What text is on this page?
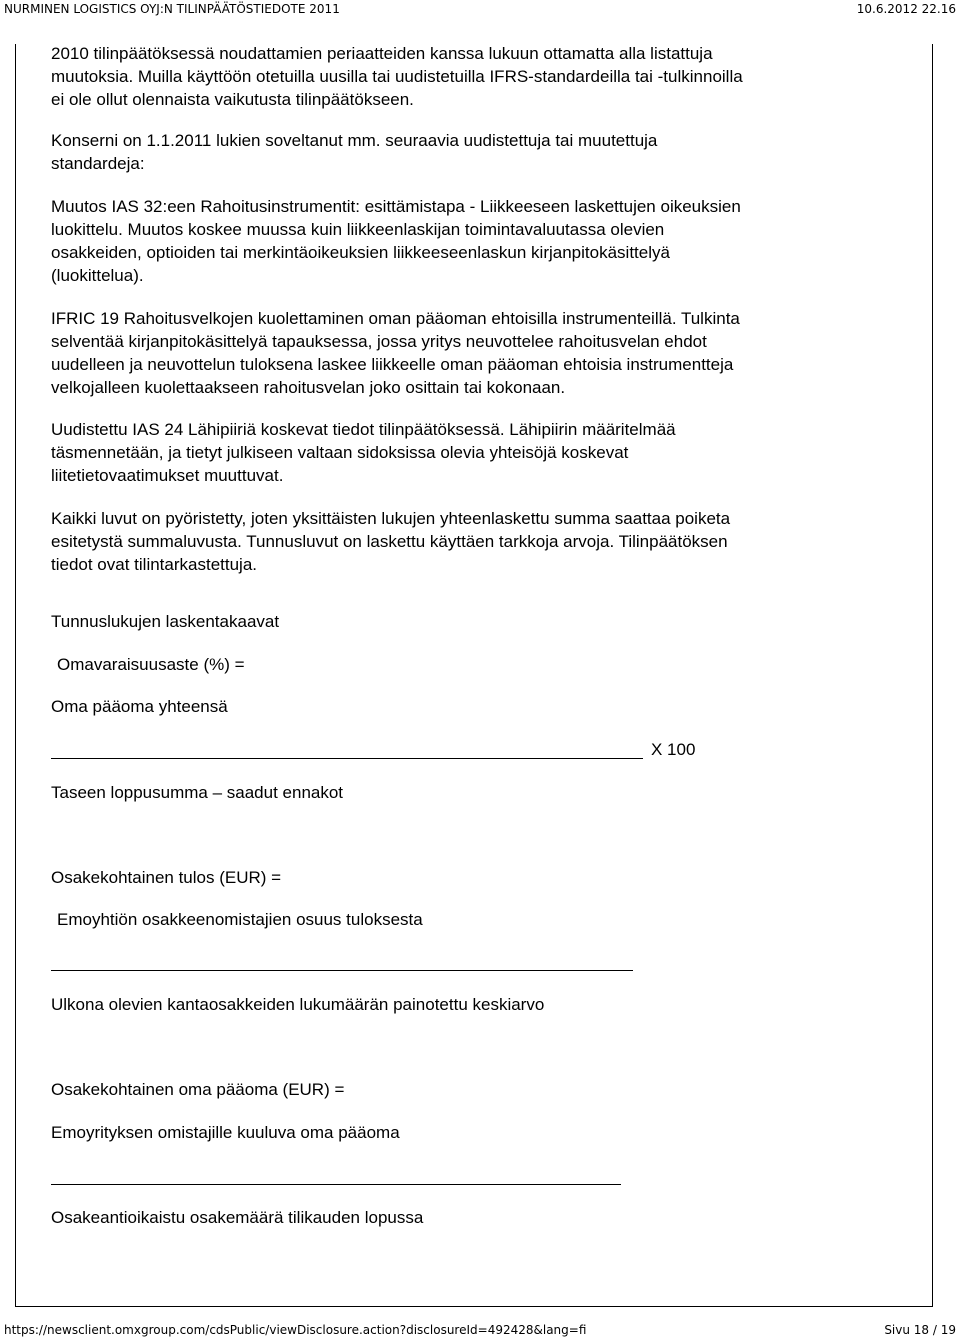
NURMINEN LOGISTICS OYJ:N TILINPÄÄTÖSTIEDOTE 2011	10.6.2012 22.16

2010 tilinpäätöksessä noudattamien periaatteiden kanssa lukuun ottamatta alla listattuja
muutoksia. Muilla käyttöön otetuilla uusilla tai uudistetuilla IFRS-standardeilla tai -tulkinnoilla
ei ole ollut olennaista vaikutusta tilinpäätökseen.

Konserni on 1.1.2011 lukien soveltanut mm. seuraavia uudistettuja tai muutettuja
standardeja:

Muutos IAS 32:een Rahoitusinstrumentit: esittämistapa - Liikkeeseen laskettujen oikeuksien
luokittelu. Muutos koskee muussa kuin liikkeenlaskijan toimintavaluutassa olevien
osakkeiden, optioiden tai merkintäoikeuksien liikkeeseenlaskun kirjanpitokäsittelyä
(luokittelua).

IFRIC 19 Rahoitusvelkojen kuolettaminen oman pääoman ehtoisilla instrumenteillä. Tulkinta
selventää kirjanpitokäsittelyä tapauksessa, jossa yritys neuvottelee rahoitusvelan ehdot
uudelleen ja neuvottelun tuloksena laskee liikkeelle oman pääoman ehtoisia instrumentteja
velkojalleen kuolettaakseen rahoitusvelan joko osittain tai kokonaan.

Uudistettu IAS 24 Lähipiiriä koskevat tiedot tilinpäätöksessä. Lähipiirin määritelmää
täsmennetään, ja tietyt julkiseen valtaan sidoksissa olevia yhteisöjä koskevat
liitetietovaatimukset muuttuvat.

Kaikki luvut on pyöristetty, joten yksittäisten lukujen yhteenlaskettu summa saattaa poiketa
esitetystä summaluvusta. Tunnusluvut on laskettu käyttäen tarkkoja arvoja. Tilinpäätöksen
tiedot ovat tilintarkastettuja.

Tunnuslukujen laskentakaavat
Omavaraisuusaste (%) =
Oma pääoma yhteensä
X 100
Taseen loppusumma – saadut ennakot
Osakekohtainen tulos (EUR) =
Emoyhtiön osakkeenomistajien osuus tuloksesta
Ulkona olevien kantaosakkeiden lukumäärän painotettu keskiarvo
Osakekohtainen oma pääoma (EUR) =
Emoyrityksen omistajille kuuluva oma pääoma
Osakeantioikaistu osakemäärä tilikauden lopussa
https://newsclient.omxgroup.com/cdsPublic/viewDisclosure.action?disclosureId=492428&lang=fi	Sivu 18 / 19
